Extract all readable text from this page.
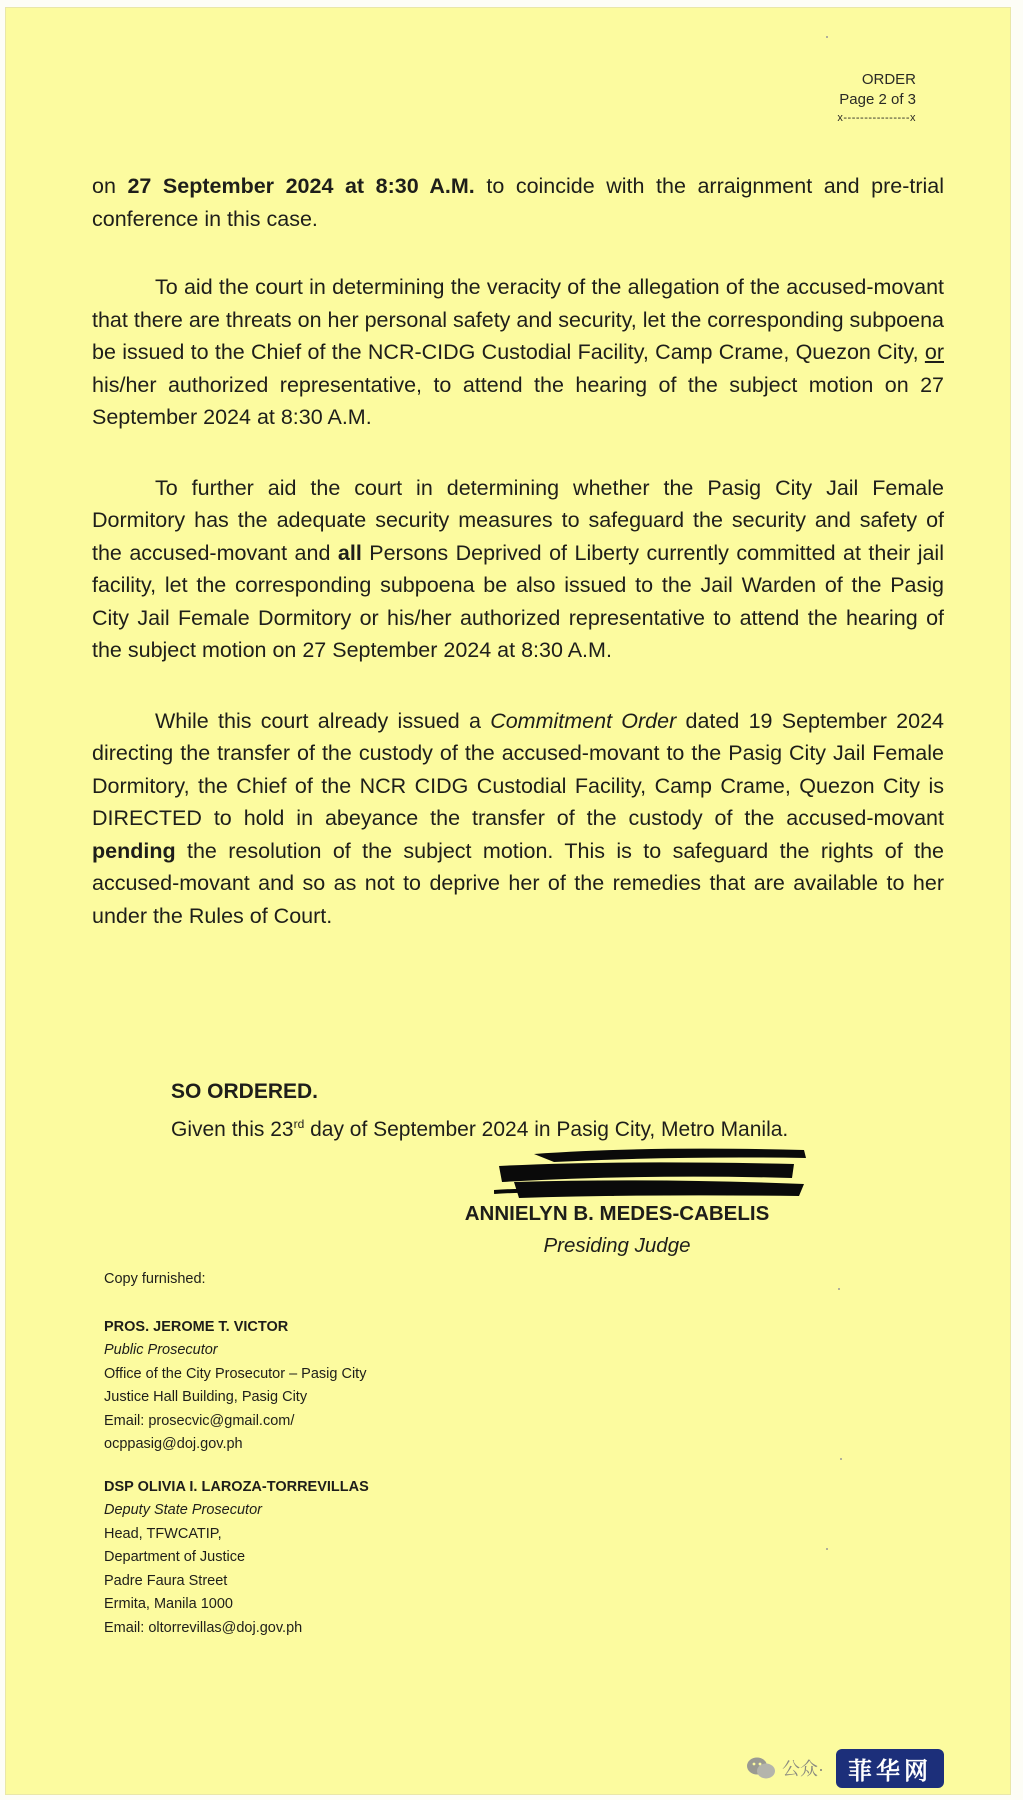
ORDER
Page 2 of 3
x----------------x

on 27 September 2024 at 8:30 A.M. to coincide with the arraignment and pre-trial conference in this case.

To aid the court in determining the veracity of the allegation of the accused-movant that there are threats on her personal safety and security, let the corresponding subpoena be issued to the Chief of the NCR-CIDG Custodial Facility, Camp Crame, Quezon City, or his/her authorized representative, to attend the hearing of the subject motion on 27 September 2024 at 8:30 A.M.

To further aid the court in determining whether the Pasig City Jail Female Dormitory has the adequate security measures to safeguard the security and safety of the accused-movant and all Persons Deprived of Liberty currently committed at their jail facility, let the corresponding subpoena be also issued to the Jail Warden of the Pasig City Jail Female Dormitory or his/her authorized representative to attend the hearing of the subject motion on 27 September 2024 at 8:30 A.M.

While this court already issued a Commitment Order dated 19 September 2024 directing the transfer of the custody of the accused-movant to the Pasig City Jail Female Dormitory, the Chief of the NCR CIDG Custodial Facility, Camp Crame, Quezon City is DIRECTED to hold in abeyance the transfer of the custody of the accused-movant pending the resolution of the subject motion. This is to safeguard the rights of the accused-movant and so as not to deprive her of the remedies that are available to her under the Rules of Court.

SO ORDERED.
Given this 23rd day of September 2024 in Pasig City, Metro Manila.
ANNIELYN B. MEDES-CABELIS
Presiding Judge
Copy furnished:
PROS. JEROME T. VICTOR
Public Prosecutor
Office of the City Prosecutor – Pasig City
Justice Hall Building, Pasig City
Email: prosecvic@gmail.com/
ocppasig@doj.gov.ph
DSP OLIVIA I. LAROZA-TORREVILLAS
Deputy State Prosecutor
Head, TFWCATIP,
Department of Justice
Padre Faura Street
Ermita, Manila 1000
Email: oltorrevillas@doj.gov.ph
公众·	菲华网
